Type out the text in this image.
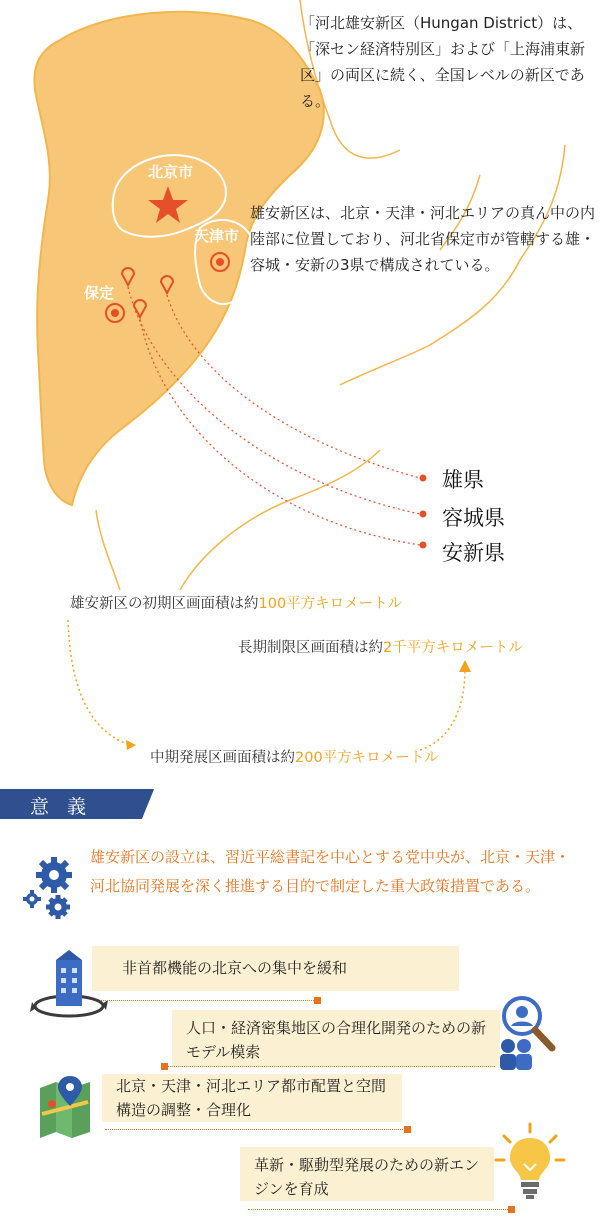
北京市
天津市
保定
雄県
容城県
安新県
「河北雄安新区（Hungan District）は、「深セン経済特別区」および「上海浦東新区」の両区に続く、全国レベルの新区である。
雄安新区は、北京・天津・河北エリアの真ん中の内陸部に位置しており、河北省保定市が管轄する雄・容城・安新の3県で構成されている。
雄安新区の初期区画面積は約100平方キロメートル
長期制限区画面積は約2千平方キロメートル
中期発展区画面積は約200平方キロメートル
意 義
雄安新区の設立は、習近平総書記を中心とする党中央が、北京・天津・河北協同発展を深く推進する目的で制定した重大政策措置である。
非首都機能の北京への集中を緩和
人口・経済密集地区の合理化開発のための新モデル模索
北京・天津・河北エリア都市配置と空間構造の調整・合理化
革新・駆動型発展のための新エンジンを育成
